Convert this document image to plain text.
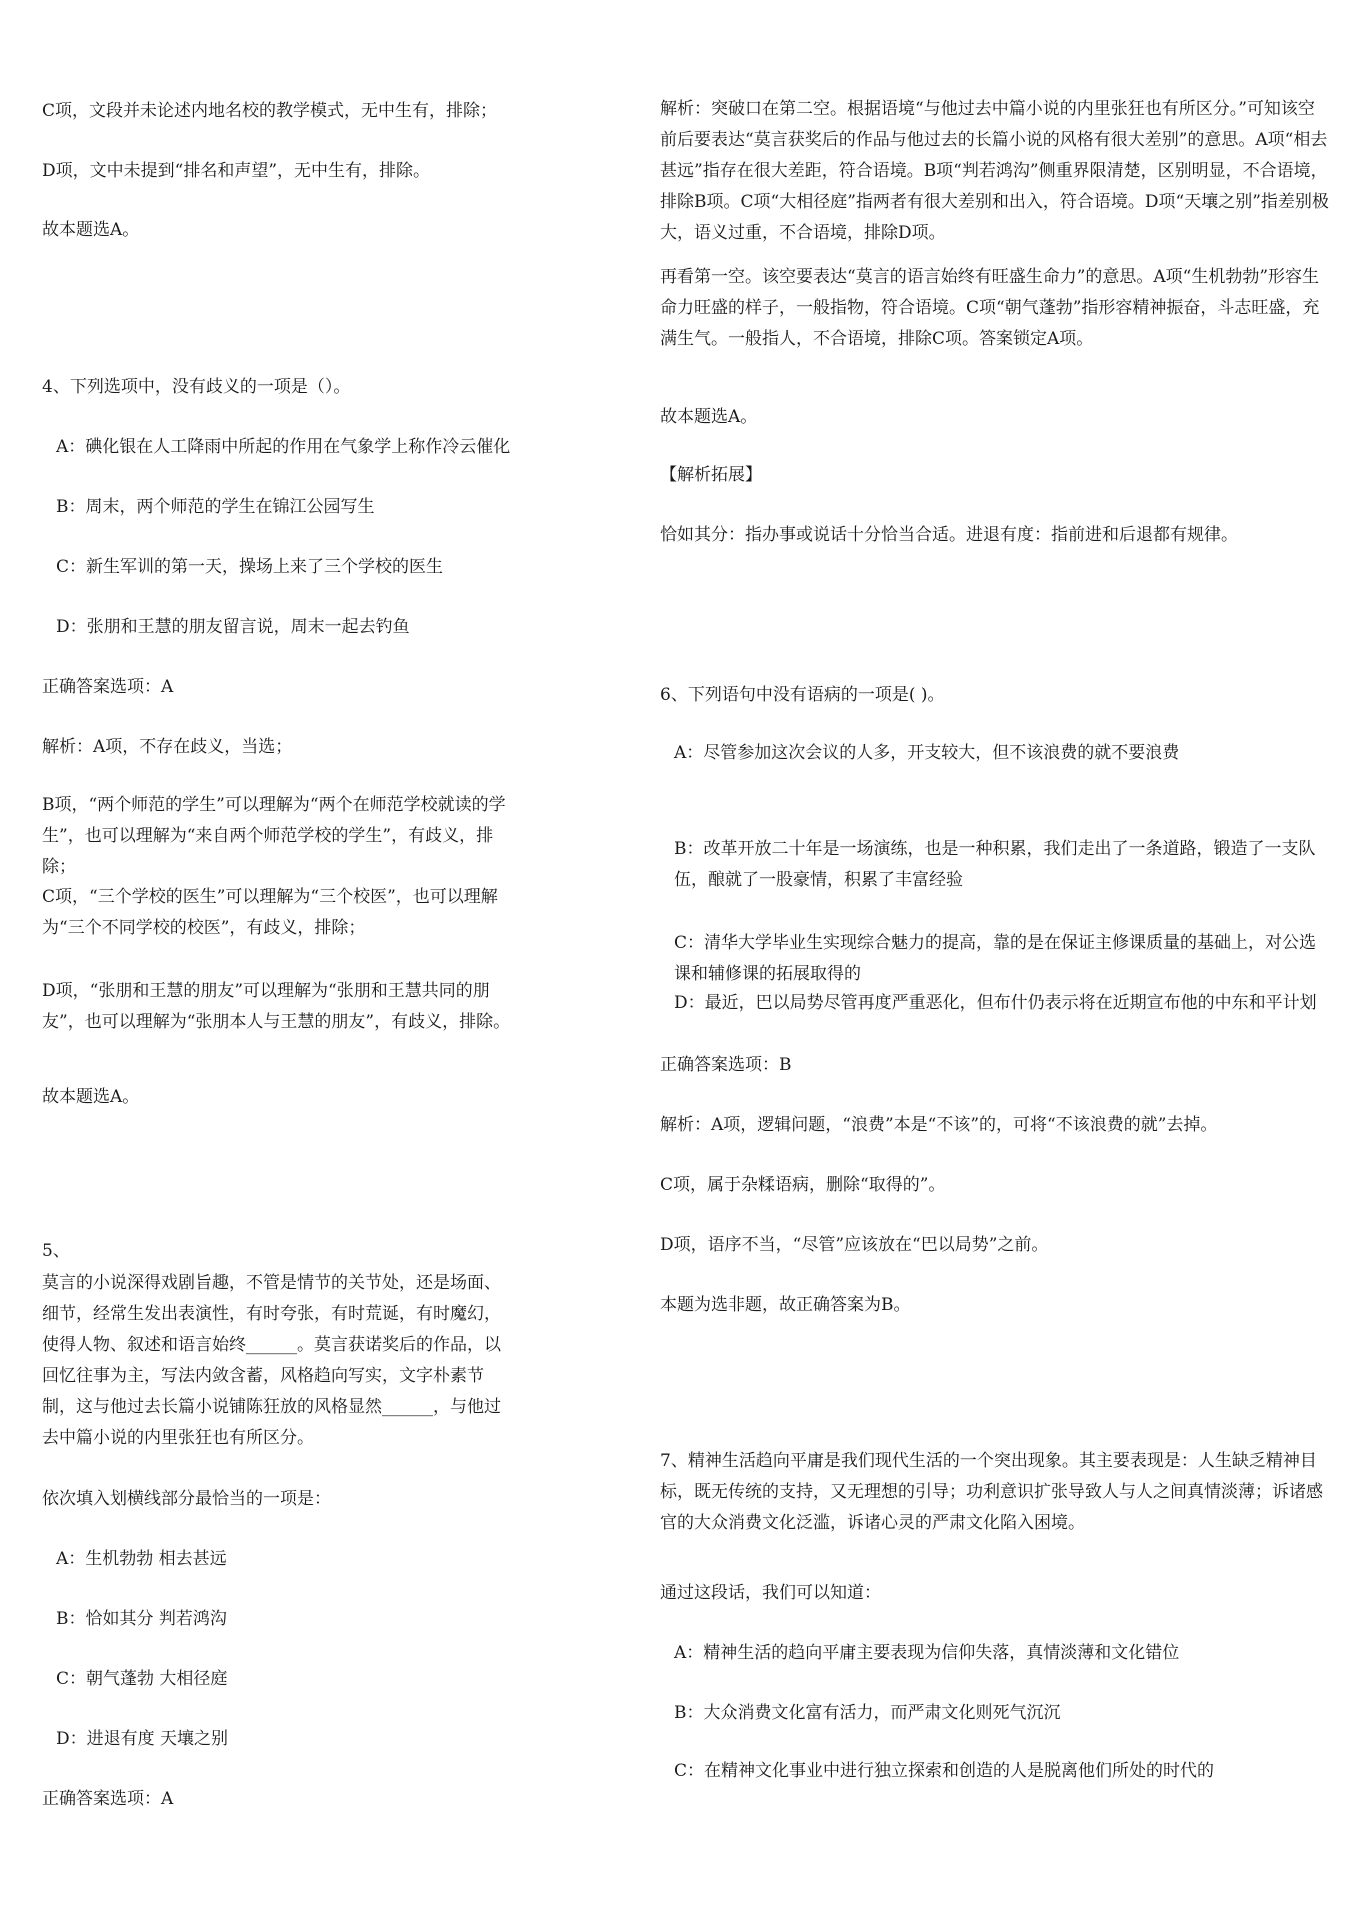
C项，文段并未论述内地名校的教学模式，无中生有，排除；

D项，文中未提到“排名和声望”，无中生有，排除。

故本题选A。

4、下列选项中，没有歧义的一项是（）。

A：碘化银在人工降雨中所起的作用在气象学上称作冷云催化

B：周末，两个师范的学生在锦江公园写生

C：新生军训的第一天，操场上来了三个学校的医生

D：张朋和王慧的朋友留言说，周末一起去钓鱼

正确答案选项：A

解析：A项，不存在歧义，当选；

B项，“两个师范的学生”可以理解为“两个在师范学校就读的学生”，也可以理解为“来自两个师范学校的学生”，有歧义，排除；

C项，“三个学校的医生”可以理解为“三个校医”，也可以理解为“三个不同学校的校医”，有歧义，排除；

D项，“张朋和王慧的朋友”可以理解为“张朋和王慧共同的朋友”，也可以理解为“张朋本人与王慧的朋友”，有歧义，排除。

故本题选A。

5、

莫言的小说深得戏剧旨趣，不管是情节的关节处，还是场面、细节，经常生发出表演性，有时夸张，有时荒诞，有时魔幻，使得人物、叙述和语言始终______。莫言获诺奖后的作品，以回忆往事为主，写法内敛含蓄，风格趋向写实，文字朴素节制，这与他过去长篇小说铺陈狂放的风格显然______，与他过去中篇小说的内里张狂也有所区分。

依次填入划横线部分最恰当的一项是：

A：生机勃勃 相去甚远

B：恰如其分 判若鸿沟

C：朝气蓬勃 大相径庭

D：进退有度 天壤之别

正确答案选项：A

解析：突破口在第二空。根据语境“与他过去中篇小说的内里张狂也有所区分。”可知该空前后要表达“莫言获奖后的作品与他过去的长篇小说的风格有很大差别”的意思。A项“相去甚远”指存在很大差距，符合语境。B项“判若鸿沟”侧重界限清楚，区别明显，不合语境，排除B项。C项“大相径庭”指两者有很大差别和出入，符合语境。D项“天壤之别”指差别极大，语义过重，不合语境，排除D项。

再看第一空。该空要表达“莫言的语言始终有旺盛生命力”的意思。A项“生机勃勃”形容生命力旺盛的样子，一般指物，符合语境。C项“朝气蓬勃”指形容精神振奋，斗志旺盛，充满生气。一般指人，不合语境，排除C项。答案锁定A项。

故本题选A。

【解析拓展】

恰如其分：指办事或说话十分恰当合适。进退有度：指前进和后退都有规律。

6、下列语句中没有语病的一项是( )。

A：尽管参加这次会议的人多，开支较大，但不该浪费的就不要浪费

B：改革开放二十年是一场演练，也是一种积累，我们走出了一条道路，锻造了一支队伍，酿就了一股豪情，积累了丰富经验

C：清华大学毕业生实现综合魅力的提高，靠的是在保证主修课质量的基础上，对公选课和辅修课的拓展取得的

D：最近，巴以局势尽管再度严重恶化，但布什仍表示将在近期宣布他的中东和平计划

正确答案选项：B

解析：A项，逻辑问题，“浪费”本是“不该”的，可将“不该浪费的就”去掉。

C项，属于杂糅语病，删除“取得的”。

D项，语序不当，“尽管”应该放在“巴以局势”之前。

本题为选非题，故正确答案为B。

7、精神生活趋向平庸是我们现代生活的一个突出现象。其主要表现是：人生缺乏精神目标，既无传统的支持，又无理想的引导；功利意识扩张导致人与人之间真情淡薄；诉诸感官的大众消费文化泛滥，诉诸心灵的严肃文化陷入困境。

通过这段话，我们可以知道：

A：精神生活的趋向平庸主要表现为信仰失落，真情淡薄和文化错位

B：大众消费文化富有活力，而严肃文化则死气沉沉

C：在精神文化事业中进行独立探索和创造的人是脱离他们所处的时代的
